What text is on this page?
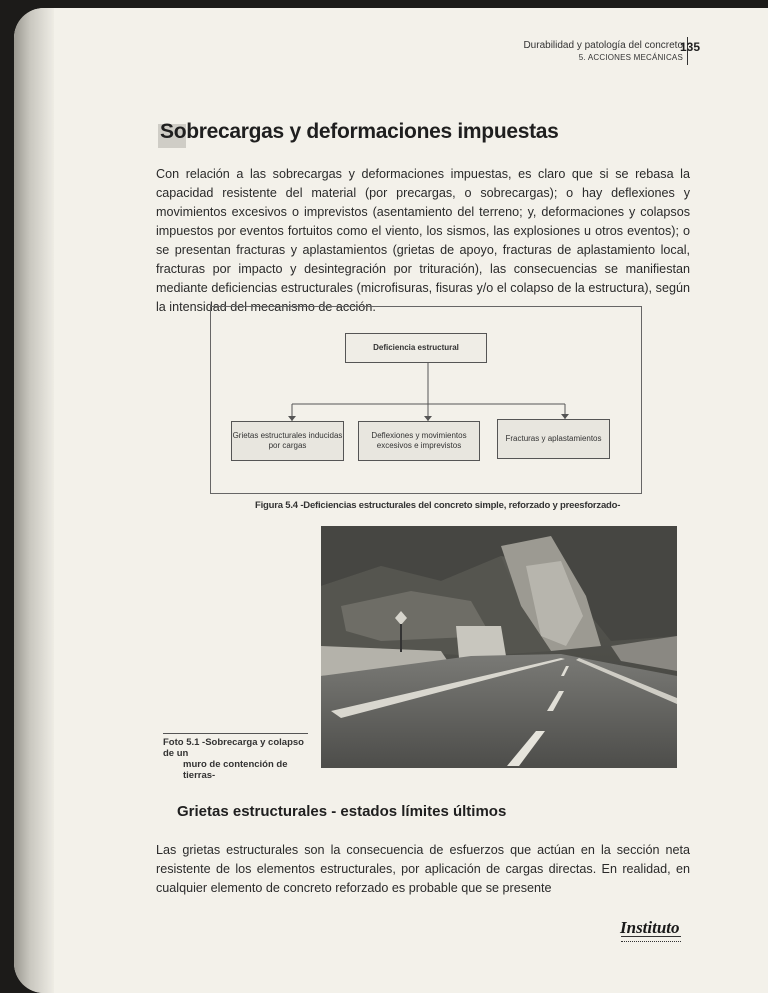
Durabilidad y patología del concreto
5. ACCIONES MECÁNICAS
135
Sobrecargas y deformaciones impuestas
Con relación a las sobrecargas y deformaciones impuestas, es claro que si se rebasa la capacidad resistente del material (por precargas, o sobrecargas); o hay deflexiones y movimientos excesivos o imprevistos (asentamiento del terreno; y, deformaciones y colapsos impuestos por eventos fortuitos como el viento, los sismos, las explosiones u otros eventos); o se presentan fracturas y aplastamientos (grietas de apoyo, fracturas de aplastamiento local, fracturas por impacto y desintegración por trituración), las consecuencias se manifiestan mediante deficiencias estructurales (microfisuras, fisuras y/o el colapso de la estructura), según la intensidad del mecanismo de acción.
Deficiencia estructural
Grietas estructurales inducidas por cargas
Deflexiones y movimientos excesivos e imprevistos
Fracturas y aplastamientos
Figura 5.4 -Deficiencias estructurales del concreto simple, reforzado y preesforzado-
Foto 5.1 -Sobrecarga y colapso de un
muro de contención de tierras-
Grietas estructurales - estados límites últimos
Las grietas estructurales son la consecuencia de esfuerzos que actúan en la sección neta resistente de los elementos estructurales, por aplicación de cargas directas. En realidad, en cualquier elemento de concreto reforzado es probable que se presente
Instituto
